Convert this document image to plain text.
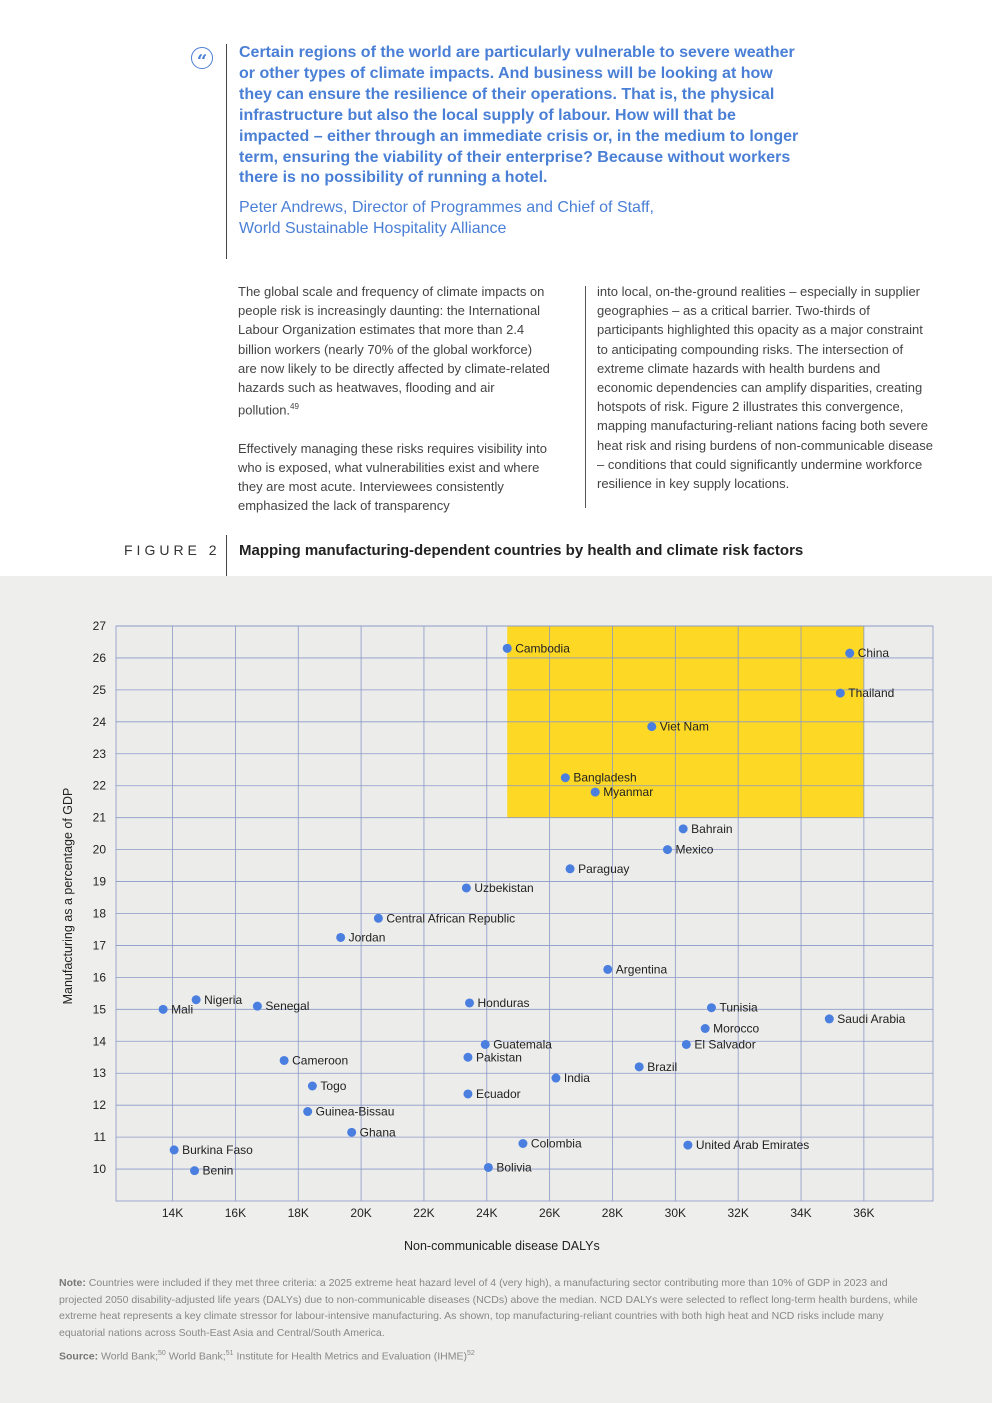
“	Certain regions of the world are particularly vulnerable to severe weather or other types of climate impacts. And business will be looking at how they can ensure the resilience of their operations. That is, the physical infrastructure but also the local supply of labour. How will that be impacted – either through an immediate crisis or, in the medium to longer term, ensuring the viability of their enterprise? Because without workers there is no possibility of running a hotel.
Peter Andrews, Director of Programmes and Chief of Staff,
World Sustainable Hospitality Alliance

The global scale and frequency of climate impacts on people risk is increasingly daunting: the International Labour Organization estimates that more than 2.4 billion workers (nearly 70% of the global workforce) are now likely to be directly affected by climate-related hazards such as heatwaves, flooding and air pollution.$^{49}$

Effectively managing these risks requires visibility into who is exposed, what vulnerabilities exist and where they are most acute. Interviewees consistently emphasized the lack of transparency

into local, on-the-ground realities – especially in supplier geographies – as a critical barrier. Two-thirds of participants highlighted this opacity as a major constraint to anticipating compounding risks. The intersection of extreme climate hazards with health burdens and economic dependencies can amplify disparities, creating hotspots of risk. Figure 2 illustrates this convergence, mapping manufacturing-reliant nations facing both severe heat risk and rising burdens of non-communicable disease – conditions that could significantly undermine workforce resilience in key supply locations.

FIGURE 2 Mapping manufacturing-dependent countries by health and climate risk factors
14K	16K	18K	20K	22K	24K	26K	28K	30K	32K	34K	36K
10
11
12
13
14
15
16
17
18
19
20
21
22
23
24
25
26
27
Cambodia	China
Thailand
Viet Nam
Bangladesh
Myanmar
Bahrain
Mexico
Paraguay
Uzbekistan
Central African Republic
Jordan
Argentina
Mali
Nigeria Senegal	Honduras	Tunisia
Saudi Arabia
Morocco
Guatemala	El Salvador
Pakistan
Cameroon	Brazil
India
Togo
Ecuador
Guinea-Bissau
Ghana
Colombia	United Arab Emirates
Burkina Faso
Bolivia
Benin
Manufacturing as a percentage of GDP
Non-communicable disease DALYs
Note: Countries were included if they met three criteria: a 2025 extreme heat hazard level of 4 (very high), a manufacturing sector contributing more than 10% of GDP in 2023 and projected 2050 disability-adjusted life years (DALYs) due to non-communicable diseases (NCDs) above the median. NCD DALYs were selected to reflect long-term health burdens, while extreme heat represents a key climate stressor for labour-intensive manufacturing. As shown, top manufacturing-reliant countries with both high heat and NCD risks include many equatorial nations across South-East Asia and Central/South America.
Source: World Bank;$^{50}$ World Bank;$^{51}$ Institute for Health Metrics and Evaluation (IHME)$^{52}$
